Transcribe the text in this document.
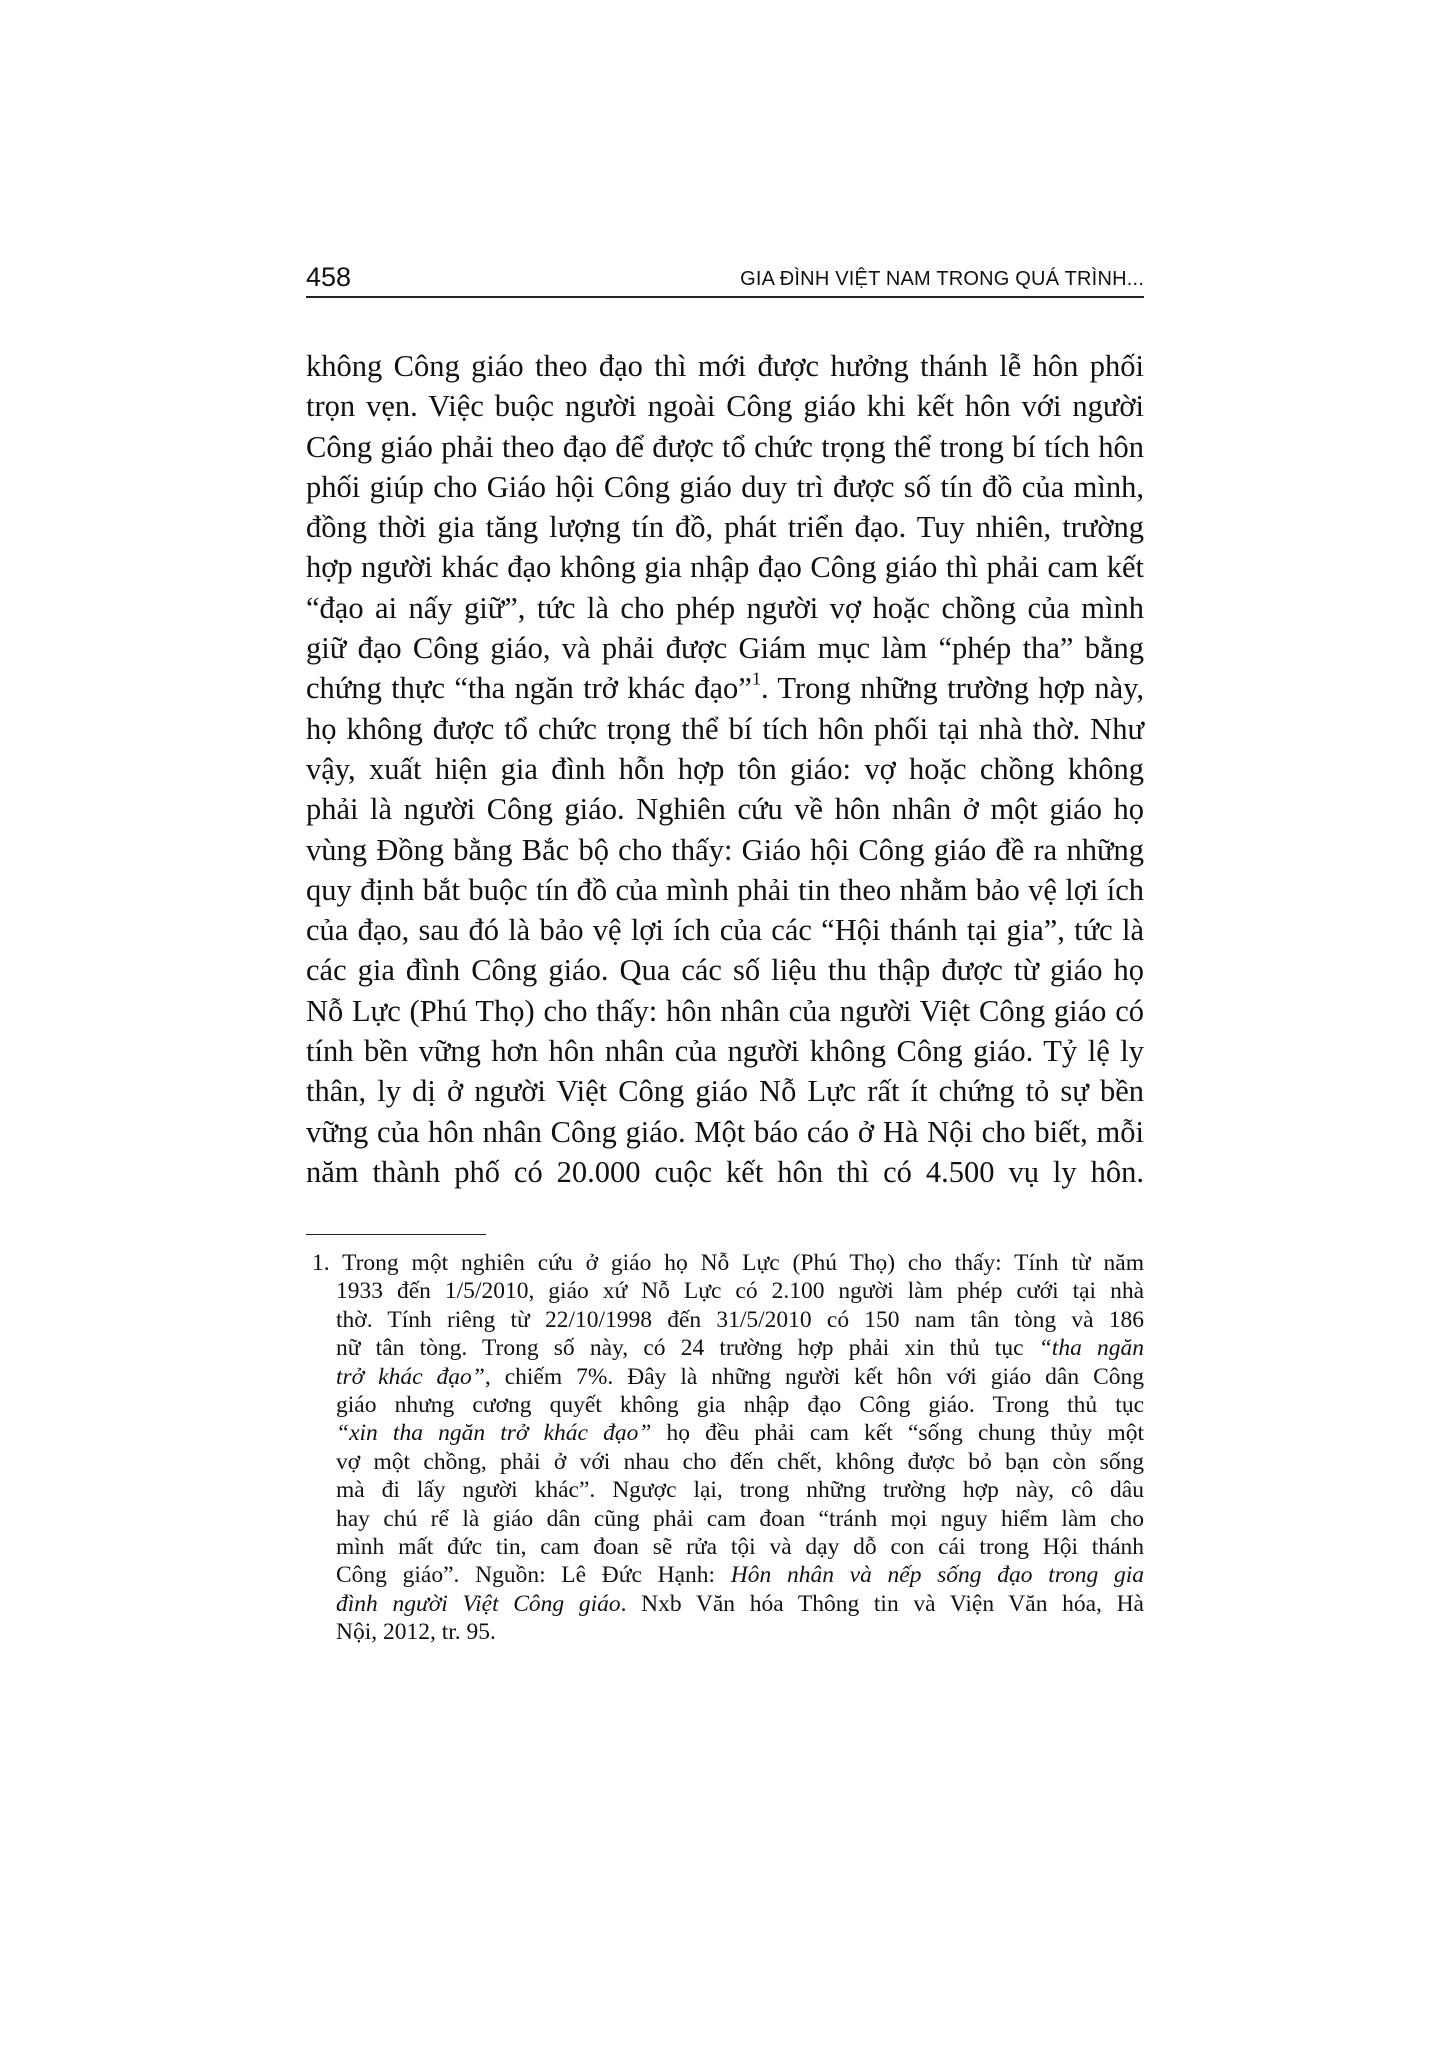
458	GIA ĐÌNH VIỆT NAM TRONG QUÁ TRÌNH...
không Công giáo theo đạo thì mới được hưởng thánh lễ hôn phối
trọn vẹn. Việc buộc người ngoài Công giáo khi kết hôn với người
Công giáo phải theo đạo để được tổ chức trọng thể trong bí tích hôn
phối giúp cho Giáo hội Công giáo duy trì được số tín đồ của mình,
đồng thời gia tăng lượng tín đồ, phát triển đạo. Tuy nhiên, trường
hợp người khác đạo không gia nhập đạo Công giáo thì phải cam kết
“đạo ai nấy giữ”, tức là cho phép người vợ hoặc chồng của mình
giữ đạo Công giáo, và phải được Giám mục làm “phép tha” bằng
chứng thực “tha ngăn trở khác đạo”$^1$. Trong những trường hợp này,
họ không được tổ chức trọng thể bí tích hôn phối tại nhà thờ. Như
vậy, xuất hiện gia đình hỗn hợp tôn giáo: vợ hoặc chồng không
phải là người Công giáo. Nghiên cứu về hôn nhân ở một giáo họ
vùng Đồng bằng Bắc bộ cho thấy: Giáo hội Công giáo đề ra những
quy định bắt buộc tín đồ của mình phải tin theo nhằm bảo vệ lợi ích
của đạo, sau đó là bảo vệ lợi ích của các “Hội thánh tại gia”, tức là
các gia đình Công giáo. Qua các số liệu thu thập được từ giáo họ
Nỗ Lực (Phú Thọ) cho thấy: hôn nhân của người Việt Công giáo có
tính bền vững hơn hôn nhân của người không Công giáo. Tỷ lệ ly
thân, ly dị ở người Việt Công giáo Nỗ Lực rất ít chứng tỏ sự bền
vững của hôn nhân Công giáo. Một báo cáo ở Hà Nội cho biết, mỗi
năm thành phố có 20.000 cuộc kết hôn thì có 4.500 vụ ly hôn.
1. Trong một nghiên cứu ở giáo họ Nỗ Lực (Phú Thọ) cho thấy: Tính từ năm
1933 đến 1/5/2010, giáo xứ Nỗ Lực có 2.100 người làm phép cưới tại nhà
thờ. Tính riêng từ 22/10/1998 đến 31/5/2010 có 150 nam tân tòng và 186
nữ tân tòng. Trong số này, có 24 trường hợp phải xin thủ tục “tha ngăn
trở khác đạo”, chiếm 7%. Đây là những người kết hôn với giáo dân Công
giáo nhưng cương quyết không gia nhập đạo Công giáo. Trong thủ tục
“xin tha ngăn trở khác đạo” họ đều phải cam kết “sống chung thủy một
vợ một chồng, phải ở với nhau cho đến chết, không được bỏ bạn còn sống
mà đi lấy người khác”. Ngược lại, trong những trường hợp này, cô dâu
hay chú rể là giáo dân cũng phải cam đoan “tránh mọi nguy hiểm làm cho
mình mất đức tin, cam đoan sẽ rửa tội và dạy dỗ con cái trong Hội thánh
Công giáo”. Nguồn: Lê Đức Hạnh: Hôn nhân và nếp sống đạo trong gia
đình người Việt Công giáo. Nxb Văn hóa Thông tin và Viện Văn hóa, Hà
Nội, 2012, tr. 95.
